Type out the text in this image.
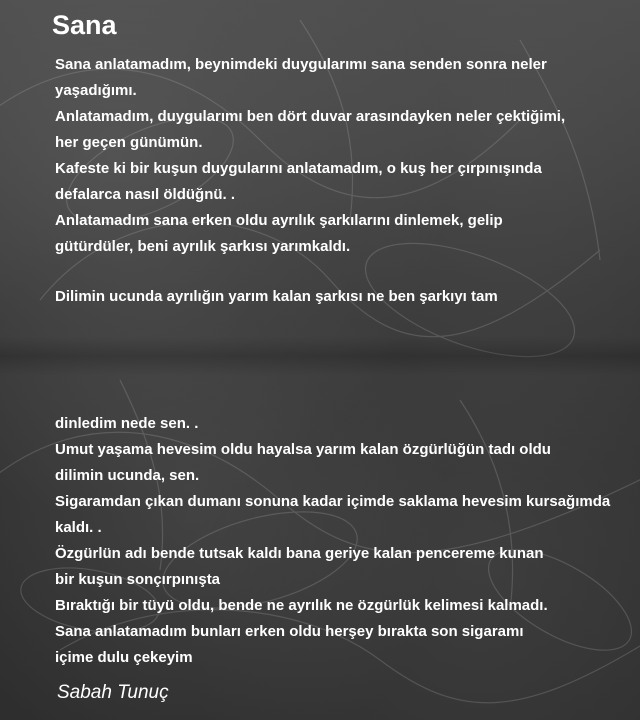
Sana
Sana anlatamadım, beynimdeki duygularımı sana senden sonra neler
yaşadığımı.
Anlatamadım, duygularımı ben dört duvar arasındayken neler çektiğimi,
her geçen günümün.
Kafeste ki bir kuşun duygularını anlatamadım, o kuş her çırpınışında
defalarca nasıl öldüğnü. .
Anlatamadım sana erken oldu ayrılık şarkılarını dinlemek, gelip
gütürdüler, beni ayrılık şarkısı yarımkaldı.
Dilimin ucunda ayrılığın yarım kalan şarkısı ne ben şarkıyı tam
dinledim nede sen. .
Umut yaşama hevesim oldu hayalsa yarım kalan özgürlüğün tadı oldu
dilimin ucunda, sen.
Sigaramdan çıkan dumanı sonuna kadar içimde saklama hevesim kursağımda
kaldı. .
Özgürlün adı bende tutsak kaldı bana geriye kalan pencereme kunan
bir kuşun sonçırpınışta
Bıraktığı bir tüyü oldu, bende ne ayrılık ne özgürlük kelimesi kalmadı.
Sana anlatamadım bunları erken oldu herşey bırakta son sigaramı
içime dulu çekeyim

Sabah Tunuç
